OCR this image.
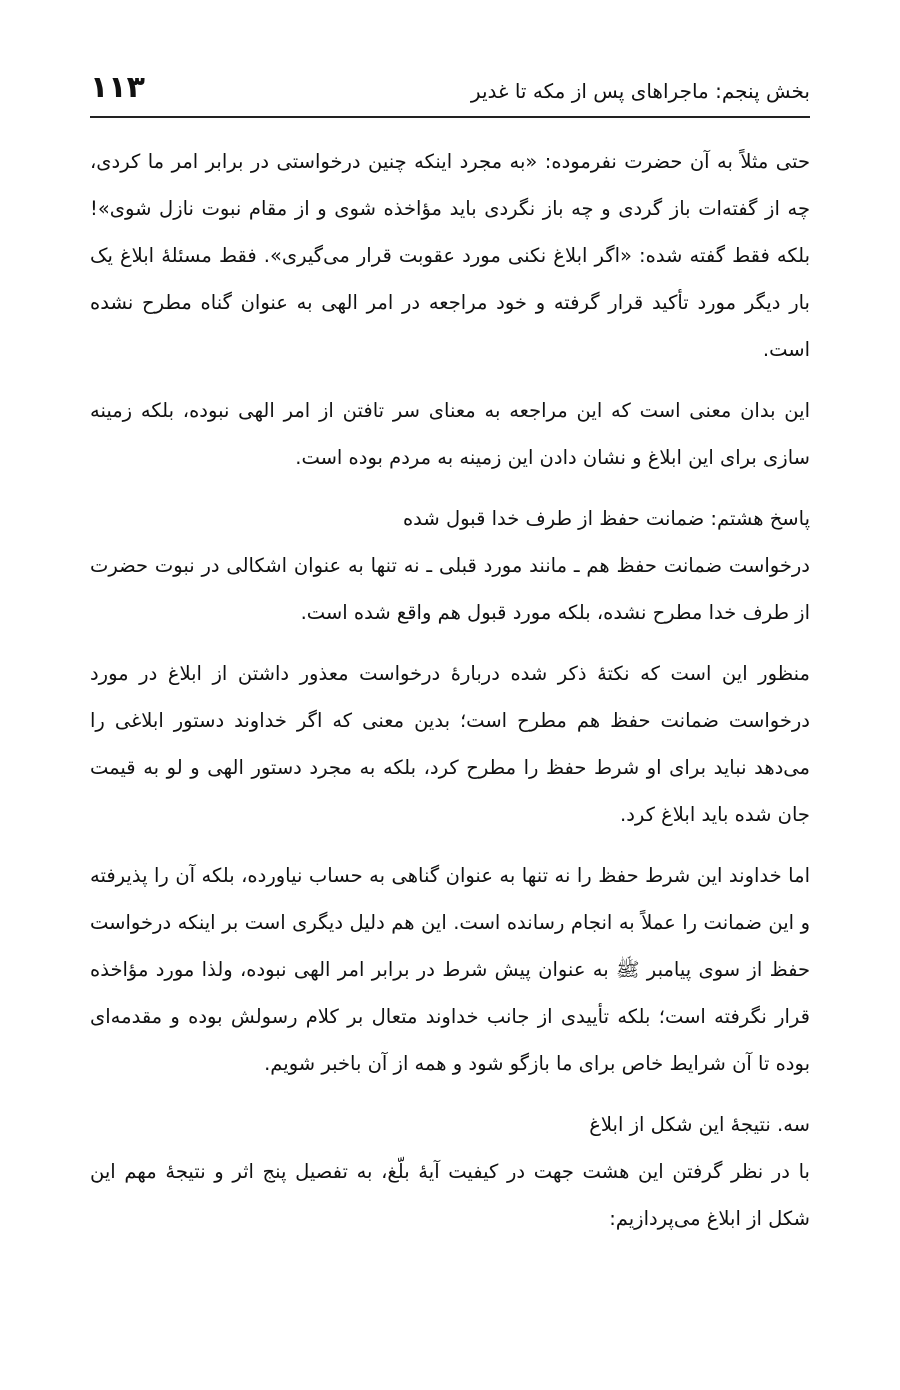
بخش پنجم: ماجراهای پس از مکه تا غدیر
۱۱۳

حتی مثلاً به آن حضرت نفرموده: «به مجرد اینکه چنین درخواستی در برابر امر ما کردی، چه از گفته‌ات باز گردی و چه باز نگردی باید مؤاخذه شوی و از مقام نبوت نازل شوی»! بلکه فقط گفته شده: «اگر ابلاغ نکنی مورد عقوبت قرار می‌گیری». فقط مسئلهٔ ابلاغ یک بار دیگر مورد تأکید قرار گرفته و خود مراجعه در امر الهی به عنوان گناه مطرح نشده است.

این بدان معنی است که این مراجعه به معنای سر تافتن از امر الهی نبوده، بلکه زمینه سازی برای این ابلاغ و نشان دادن این زمینه به مردم بوده است.

پاسخ هشتم: ضمانت حفظ از طرف خدا قبول شده

درخواست ضمانت حفظ هم ـ مانند مورد قبلی ـ نه تنها به عنوان اشکالی در نبوت حضرت از طرف خدا مطرح نشده، بلکه مورد قبول هم واقع شده است.

منظور این است که نکتهٔ ذکر شده دربارهٔ درخواست معذور داشتن از ابلاغ در مورد درخواست ضمانت حفظ هم مطرح است؛ بدین معنی که اگر خداوند دستور ابلاغی را می‌دهد نباید برای او شرط حفظ را مطرح کرد، بلکه به مجرد دستور الهی و لو به قیمت جان شده باید ابلاغ کرد.

اما خداوند این شرط حفظ را نه تنها به عنوان گناهی به حساب نیاورده، بلکه آن را پذیرفته و این ضمانت را عملاً به انجام رسانده است. این هم دلیل دیگری است بر اینکه درخواست حفظ از سوی پیامبر ﷺ به عنوان پیش شرط در برابر امر الهی نبوده، ولذا مورد مؤاخذه قرار نگرفته است؛ بلکه تأییدی از جانب خداوند متعال بر کلام رسولش بوده و مقدمه‌ای بوده تا آن شرایط خاص برای ما بازگو شود و همه از آن باخبر شویم.

سه. نتیجهٔ این شکل از ابلاغ

با در نظر گرفتن این هشت جهت در کیفیت آیهٔ بلّغ، به تفصیل پنج اثر و نتیجهٔ مهم این شکل از ابلاغ می‌پردازیم:
